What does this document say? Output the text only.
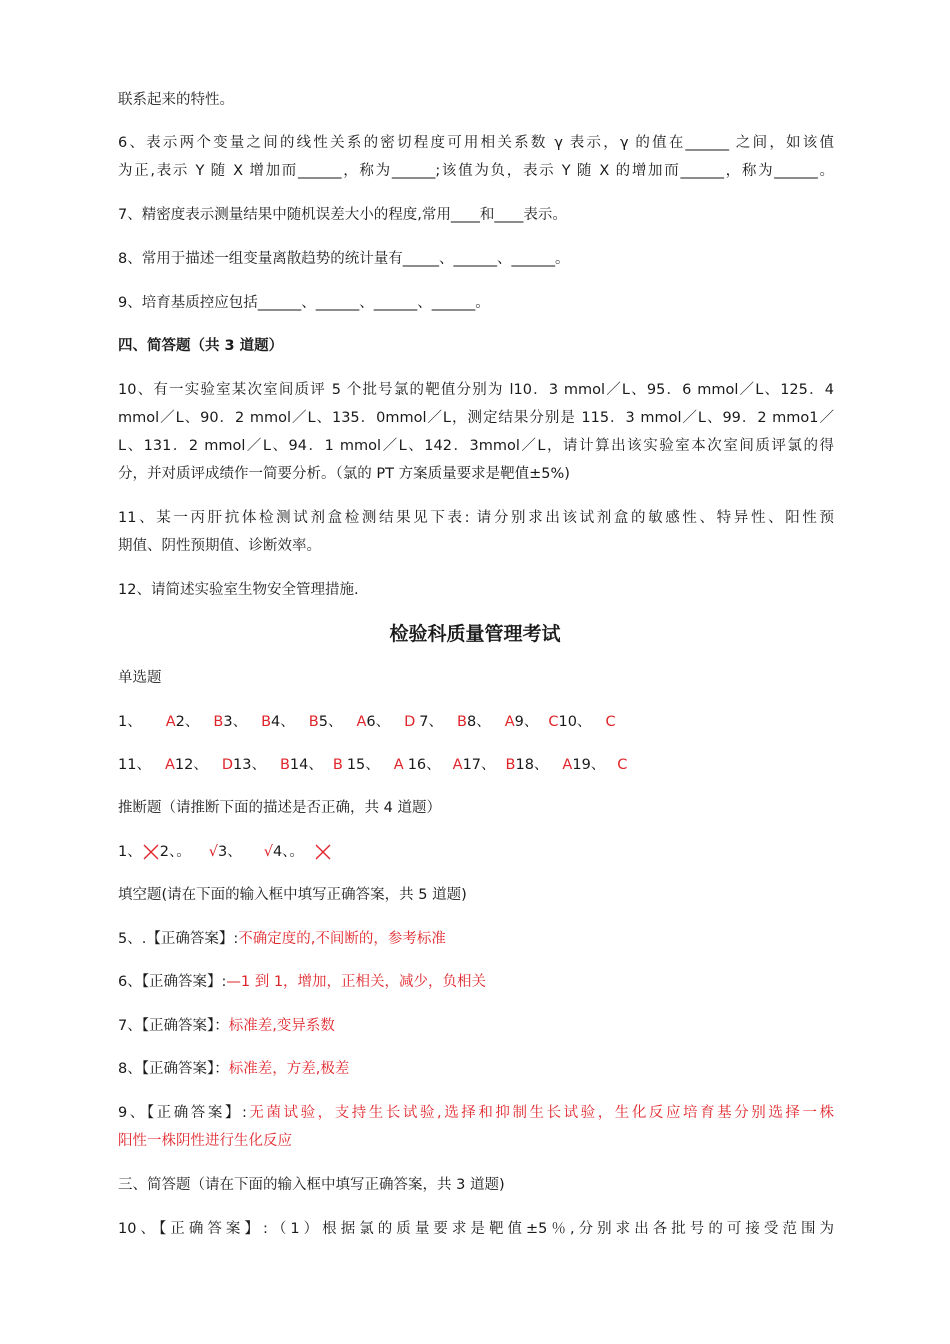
联系起来的特性。
6、表示两个变量之间的线性关系的密切程度可用相关系数 γ 表示，γ 的值在______ 之间，如该值
为正,表示 Y 随 X 增加而______，称为______;该值为负，表示 Y 随 X 的增加而______，称为______。
7、精密度表示测量结果中随机误差大小的程度,常用____和____表示。
8、常用于描述一组变量离散趋势的统计量有_____、______、______。
9、培育基质控应包括______、______、______、______。
四、简答题（共 3 道题）
10、有一实验室某次室间质评 5 个批号氯的靶值分别为 l10．3 mmol／L、95．6 mmol／L、125．4
mmol／L、90．2 mmol／L、135．0mmol／L，测定结果分别是 115．3 mmol／L、99．2 mmo1／
L、131．2 mmol／L、94．1 mmol／L、142．3mmol／L，请计算出该实验室本次室间质评氯的得
分，并对质评成绩作一简要分析。（氯的 PT 方案质量要求是靶值±5%)
11、某一丙肝抗体检测试剂盒检测结果见下表: 请分别求出该试剂盒的敏感性、特异性、阳性预
期值、阴性预期值、诊断效率。
12、请简述实验室生物安全管理措施.
检验科质量管理考试
单选题
1、 A2、 B3、 B4、 B5、 A6、 D 7、 B8、 A9、 C10、 C
11、 A12、 D13、 B14、 B 15、 A 16、 A17、 B18、 A19、 C
推断题（请推断下面的描述是否正确，共 4 道题）
1、 2、。 √3、 √4、。
填空题(请在下面的输入框中填写正确答案，共 5 道题)
5、.【正确答案】:不确定度的,不间断的，参考标准
6、【正确答案】:—1 到 1，增加，正相关，减少，负相关
7、【正确答案】：标准差,变异系数
8、【正确答案】：标准差，方差,极差
9、【正确答案】:无菌试验，支持生长试验,选择和抑制生长试验，生化反应培育基分别选择一株
阳性一株阴性进行生化反应
三、简答题（请在下面的输入框中填写正确答案，共 3 道题)
10、【正确答案】:（1）根据氯的质量要求是靶值±5％,分别求出各批号的可接受范围为
